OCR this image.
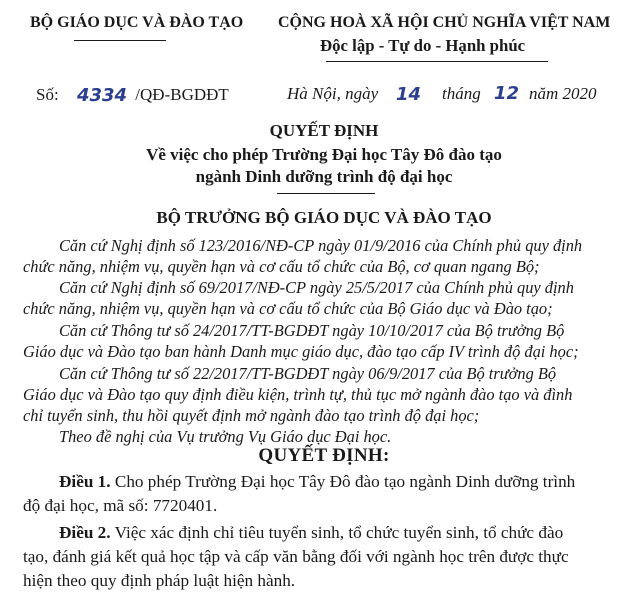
BỘ GIÁO DỤC VÀ ĐÀO TẠO CỘNG HOÀ XÃ HỘI CHỦ NGHĨA VIỆT NAM
Độc lập - Tự do - Hạnh phúc
Số: 4334 /QĐ-BGDĐT	Hà Nội, ngày 14 tháng 12 năm 2020
QUYẾT ĐỊNH
Về việc cho phép Trường Đại học Tây Đô đào tạo
ngành Dinh dưỡng trình độ đại học
BỘ TRƯỞNG BỘ GIÁO DỤC VÀ ĐÀO TẠO
Căn cứ Nghị định số 123/2016/NĐ-CP ngày 01/9/2016 của Chính phủ quy định
chức năng, nhiệm vụ, quyền hạn và cơ cấu tổ chức của Bộ, cơ quan ngang Bộ;
Căn cứ Nghị định số 69/2017/NĐ-CP ngày 25/5/2017 của Chính phủ quy định
chức năng, nhiệm vụ, quyền hạn và cơ cấu tổ chức của Bộ Giáo dục và Đào tạo;
Căn cứ Thông tư số 24/2017/TT-BGDĐT ngày 10/10/2017 của Bộ trưởng Bộ
Giáo dục và Đào tạo ban hành Danh mục giáo dục, đào tạo cấp IV trình độ đại học;
Căn cứ Thông tư số 22/2017/TT-BGDĐT ngày 06/9/2017 của Bộ trưởng Bộ
Giáo dục và Đào tạo quy định điều kiện, trình tự, thủ tục mở ngành đào tạo và đình
chỉ tuyển sinh, thu hồi quyết định mở ngành đào tạo trình độ đại học;
Theo đề nghị của Vụ trưởng Vụ Giáo dục Đại học.
QUYẾT ĐỊNH:
Điều 1. Cho phép Trường Đại học Tây Đô đào tạo ngành Dinh dưỡng trình
độ đại học, mã số: 7720401.
Điều 2. Việc xác định chỉ tiêu tuyển sinh, tổ chức tuyển sinh, tổ chức đào
tạo, đánh giá kết quả học tập và cấp văn bằng đối với ngành học trên được thực
hiện theo quy định pháp luật hiện hành.
